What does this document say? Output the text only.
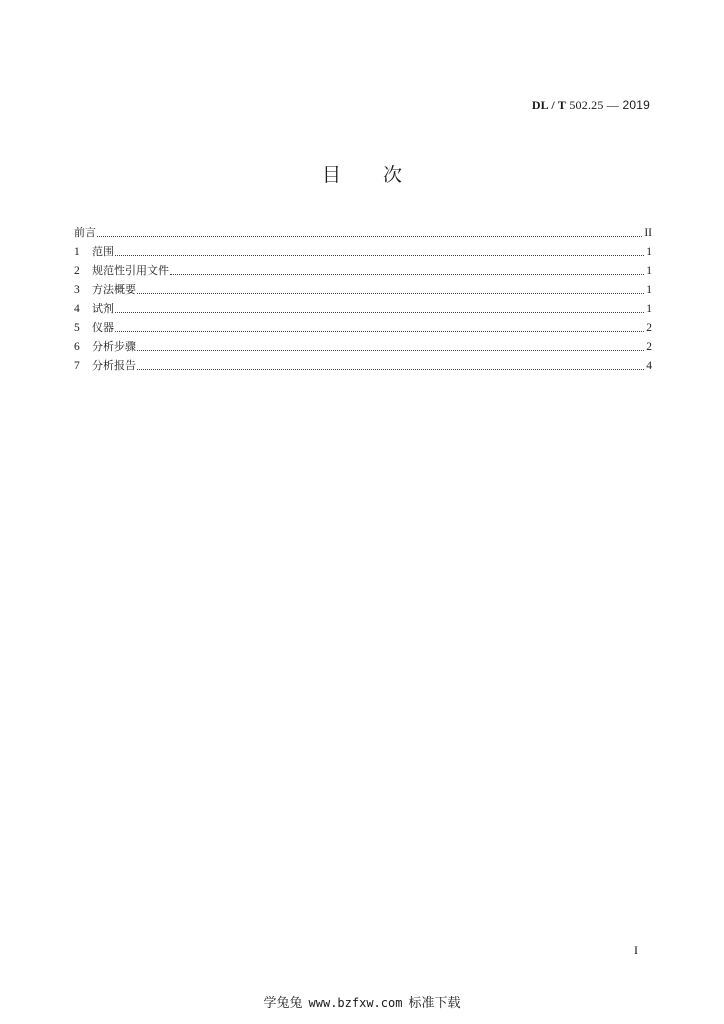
DL / T 502.25 — 2019
目 次
前言	II
1	范围	1
2	规范性引用文件	1
3	方法概要	1
4	试剂	1
5	仪器	2
6	分析步骤	2
7	分析报告	4
I
学兔兔 www.bzfxw.com 标准下载
